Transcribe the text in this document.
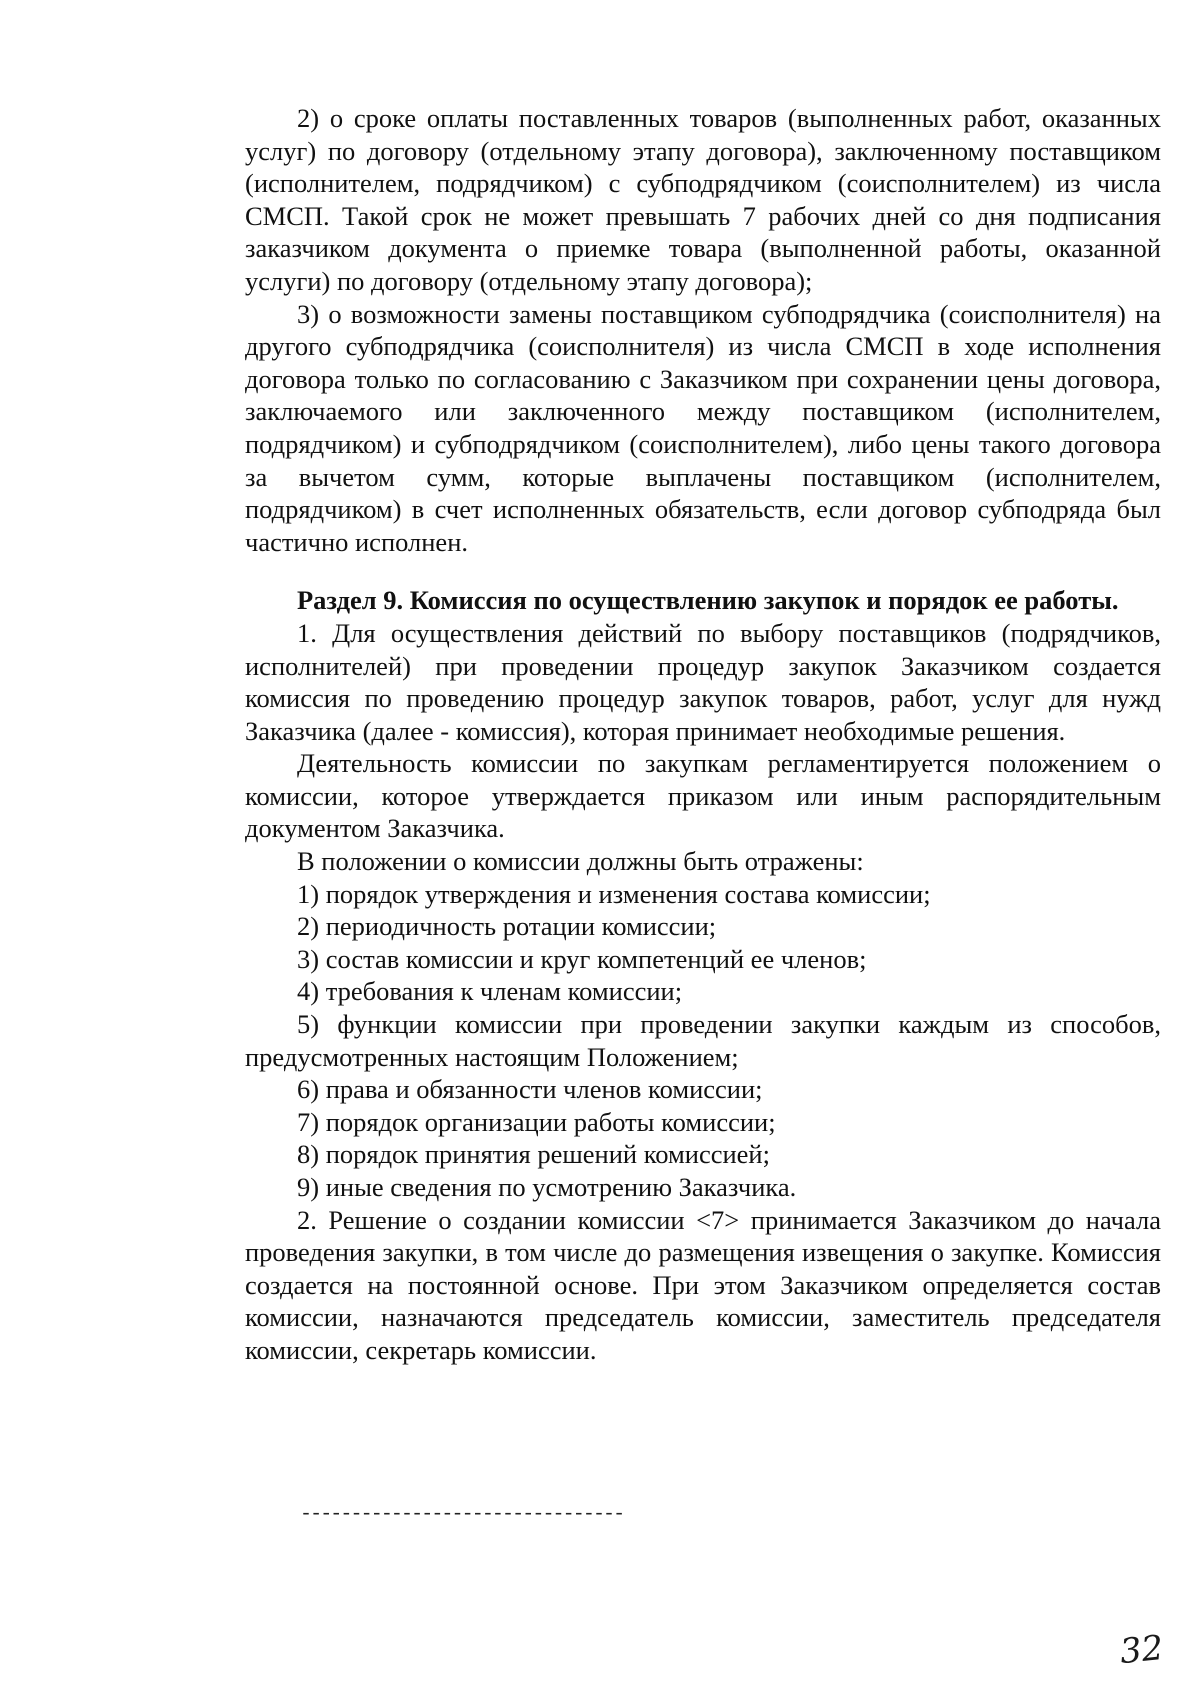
2) о сроке оплаты поставленных товаров (выполненных работ, оказанных услуг) по договору (отдельному этапу договора), заключенному поставщиком (исполнителем, подрядчиком) с субподрядчиком (соисполнителем) из числа СМСП. Такой срок не может превышать 7 рабочих дней со дня подписания заказчиком документа о приемке товара (выполненной работы, оказанной услуги) по договору (отдельному этапу договора);

3) о возможности замены поставщиком субподрядчика (соисполнителя) на другого субподрядчика (соисполнителя) из числа СМСП в ходе исполнения договора только по согласованию с Заказчиком при сохранении цены договора, заключаемого или заключенного между поставщиком (исполнителем, подрядчиком) и субподрядчиком (соисполнителем), либо цены такого договора за вычетом сумм, которые выплачены поставщиком (исполнителем, подрядчиком) в счет исполненных обязательств, если договор субподряда был частично исполнен.

Раздел 9. Комиссия по осуществлению закупок и порядок ее работы.

1. Для осуществления действий по выбору поставщиков (подрядчиков, исполнителей) при проведении процедур закупок Заказчиком создается комиссия по проведению процедур закупок товаров, работ, услуг для нужд Заказчика (далее - комиссия), которая принимает необходимые решения.

Деятельность комиссии по закупкам регламентируется положением о комиссии, которое утверждается приказом или иным распорядительным документом Заказчика.

В положении о комиссии должны быть отражены:

1) порядок утверждения и изменения состава комиссии;

2) периодичность ротации комиссии;

3) состав комиссии и круг компетенций ее членов;

4) требования к членам комиссии;

5) функции комиссии при проведении закупки каждым из способов, предусмотренных настоящим Положением;

6) права и обязанности членов комиссии;

7) порядок организации работы комиссии;

8) порядок принятия решений комиссией;

9) иные сведения по усмотрению Заказчика.

2. Решение о создании комиссии <7> принимается Заказчиком до начала проведения закупки, в том числе до размещения извещения о закупке. Комиссия создается на постоянной основе. При этом Заказчиком определяется состав комиссии, назначаются председатель комиссии, заместитель председателя комиссии, секретарь комиссии.

--------------------------------
32
